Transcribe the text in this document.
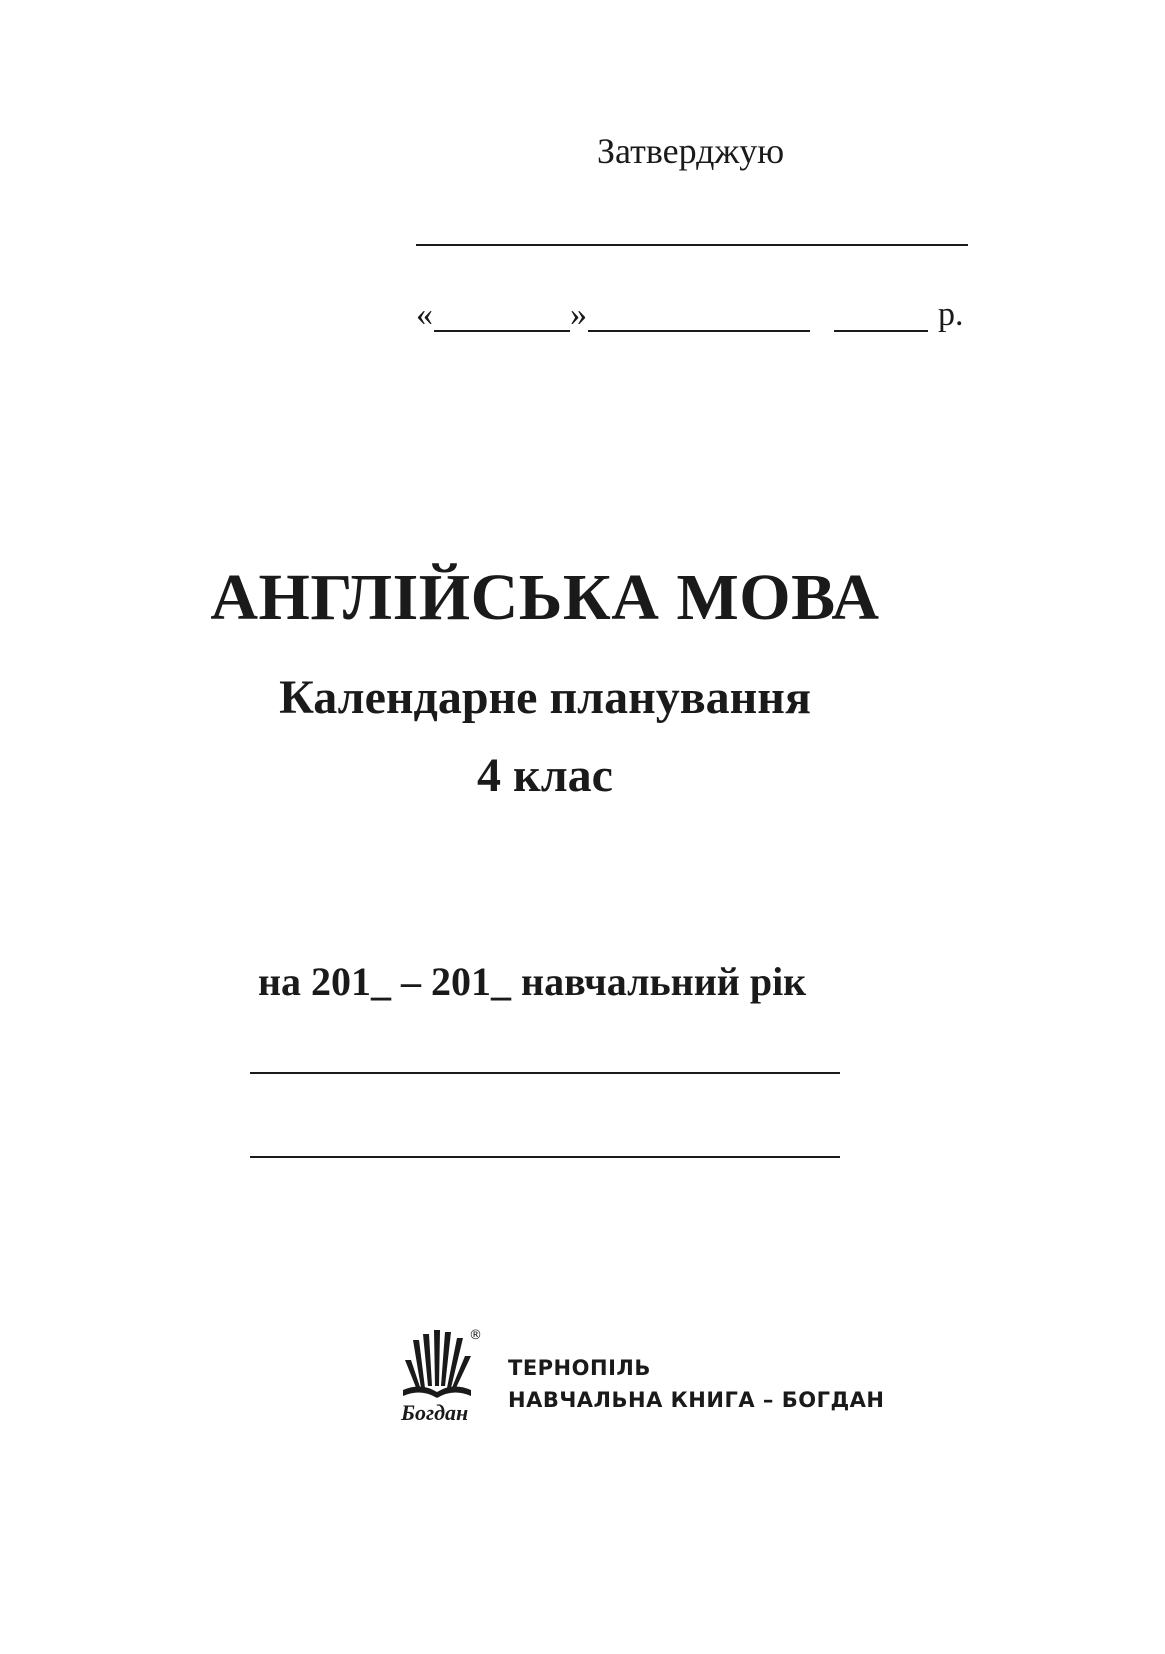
Затверджую
«	»	р.
АНГЛІЙСЬКА МОВА
Календарне планування
4 клас
на 201_ – 201_ навчальний рік
Богдан
®
ТЕРНОПІЛЬ
НАВЧАЛЬНА КНИГА – БОГДАН
